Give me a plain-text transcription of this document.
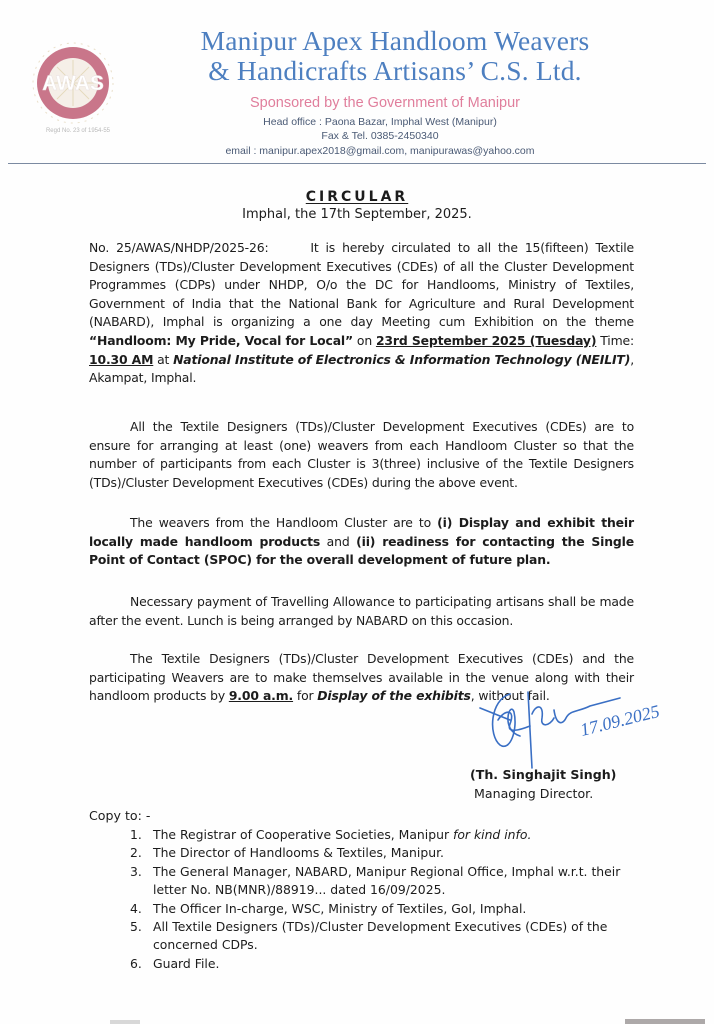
AWAS
Regd No. 23 of 1954-55
Manipur Apex Handloom Weavers
& Handicrafts Artisans’ C.S. Ltd.
Sponsored by the Government of Manipur
Head office : Paona Bazar, Imphal West (Manipur)
Fax & Tel. 0385-2450340
email : manipur.apex2018@gmail.com, manipurawas@yahoo.com
CIRCULAR
Imphal, the 17th September, 2025.
No. 25/AWAS/NHDP/2025-26:	It is hereby circulated to all the 15(fifteen) Textile Designers (TDs)/Cluster Development Executives (CDEs) of all the Cluster Development Programmes (CDPs) under NHDP, O/o the DC for Handlooms, Ministry of Textiles, Government of India that the National Bank for Agriculture and Rural Development (NABARD), Imphal is organizing a one day Meeting cum Exhibition on the theme “Handloom: My Pride, Vocal for Local” on 23rd September 2025 (Tuesday) Time: 10.30 AM at National Institute of Electronics & Information Technology (NEILIT), Akampat, Imphal.
All the Textile Designers (TDs)/Cluster Development Executives (CDEs) are to ensure for arranging at least (one) weavers from each Handloom Cluster so that the number of participants from each Cluster is 3(three) inclusive of the Textile Designers (TDs)/Cluster Development Executives (CDEs) during the above event.
The weavers from the Handloom Cluster are to (i) Display and exhibit their locally made handloom products and (ii) readiness for contacting the Single Point of Contact (SPOC) for the overall development of future plan.
Necessary payment of Travelling Allowance to participating artisans shall be made after the event. Lunch is being arranged by NABARD on this occasion.
The Textile Designers (TDs)/Cluster Development Executives (CDEs) and the participating Weavers are to make themselves available in the venue along with their handloom products by 9.00 a.m. for Display of the exhibits, without fail.
17.09.2025
(Th. Singhajit Singh)
Managing Director.
Copy to: -
1. The Registrar of Cooperative Societies, Manipur for kind info.
2. The Director of Handlooms & Textiles, Manipur.
3. The General Manager, NABARD, Manipur Regional Office, Imphal w.r.t. their letter No. NB(MNR)/88919... dated 16/09/2025.
4. The Officer In-charge, WSC, Ministry of Textiles, GoI, Imphal.
5. All Textile Designers (TDs)/Cluster Development Executives (CDEs) of the concerned CDPs.
6. Guard File.
